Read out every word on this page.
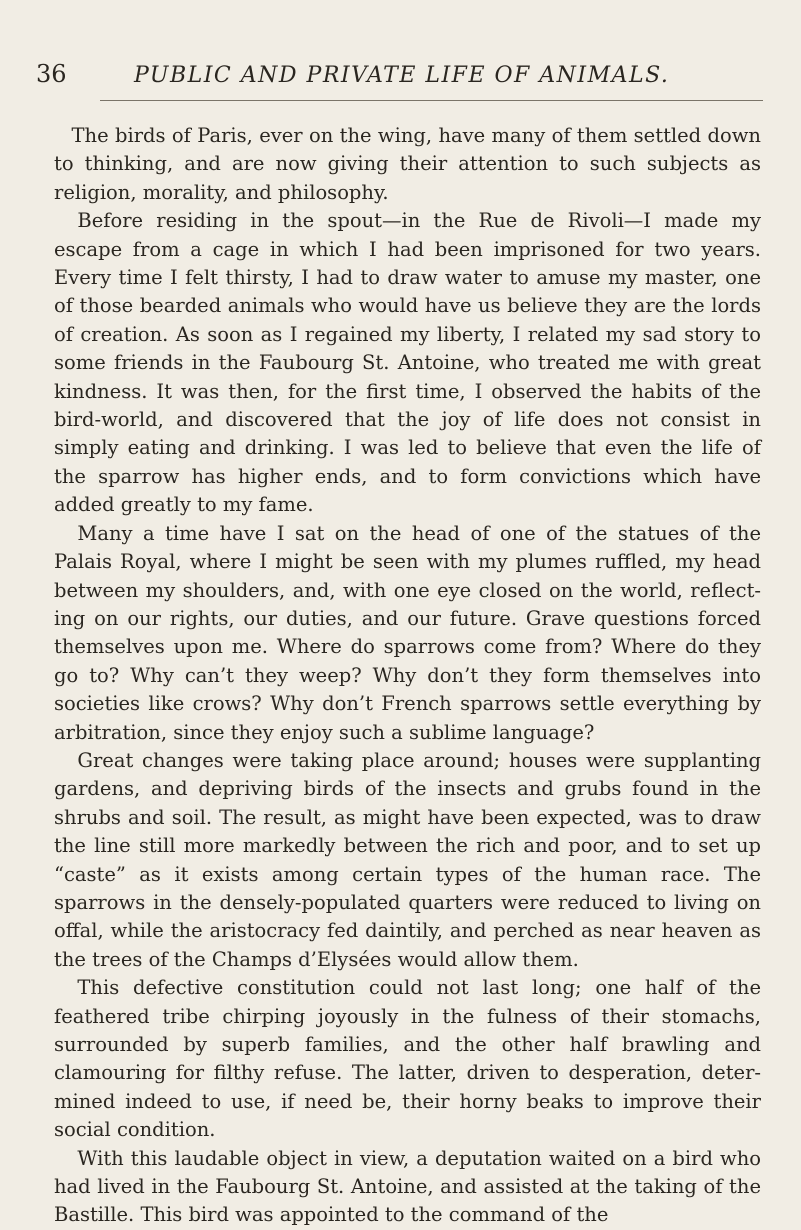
36	PUBLIC AND PRIVATE LIFE OF ANIMALS.

The birds of Paris, ever on the wing, have many of them settled down to thinking, and are now giving their attention to such subjects as religion, morality, and philosophy.

Before residing in the spout—in the Rue de Rivoli—I made my escape from a cage in which I had been imprisoned for two years. Every time I felt thirsty, I had to draw water to amuse my master, one of those bearded animals who would have us believe they are the lords of creation. As soon as I regained my liberty, I related my sad story to some friends in the Faubourg St. Antoine, who treated me with great kindness. It was then, for the first time, I observed the habits of the bird-world, and discovered that the joy of life does not consist in simply eating and drinking. I was led to believe that even the life of the sparrow has higher ends, and to form convictions which have added greatly to my fame.

Many a time have I sat on the head of one of the statues of the Palais Royal, where I might be seen with my plumes ruffled, my head between my shoulders, and, with one eye closed on the world, reflecting on our rights, our duties, and our future. Grave questions forced themselves upon me. Where do sparrows come from? Where do they go to? Why can’t they weep? Why don’t they form themselves into societies like crows? Why don’t French sparrows settle everything by arbitration, since they enjoy such a sublime language?

Great changes were taking place around; houses were supplanting gardens, and depriving birds of the insects and grubs found in the shrubs and soil. The result, as might have been expected, was to draw the line still more markedly between the rich and poor, and to set up “caste” as it exists among certain types of the human race. The sparrows in the densely-populated quarters were reduced to living on offal, while the aristocracy fed daintily, and perched as near heaven as the trees of the Champs d’Elysées would allow them.

This defective constitution could not last long; one half of the feathered tribe chirping joyously in the fulness of their stomachs, surrounded by superb families, and the other half brawling and clamouring for filthy refuse. The latter, driven to desperation, determined indeed to use, if need be, their horny beaks to improve their social condition.

With this laudable object in view, a deputation waited on a bird who had lived in the Faubourg St. Antoine, and assisted at the taking of the Bastille. This bird was appointed to the command of the
